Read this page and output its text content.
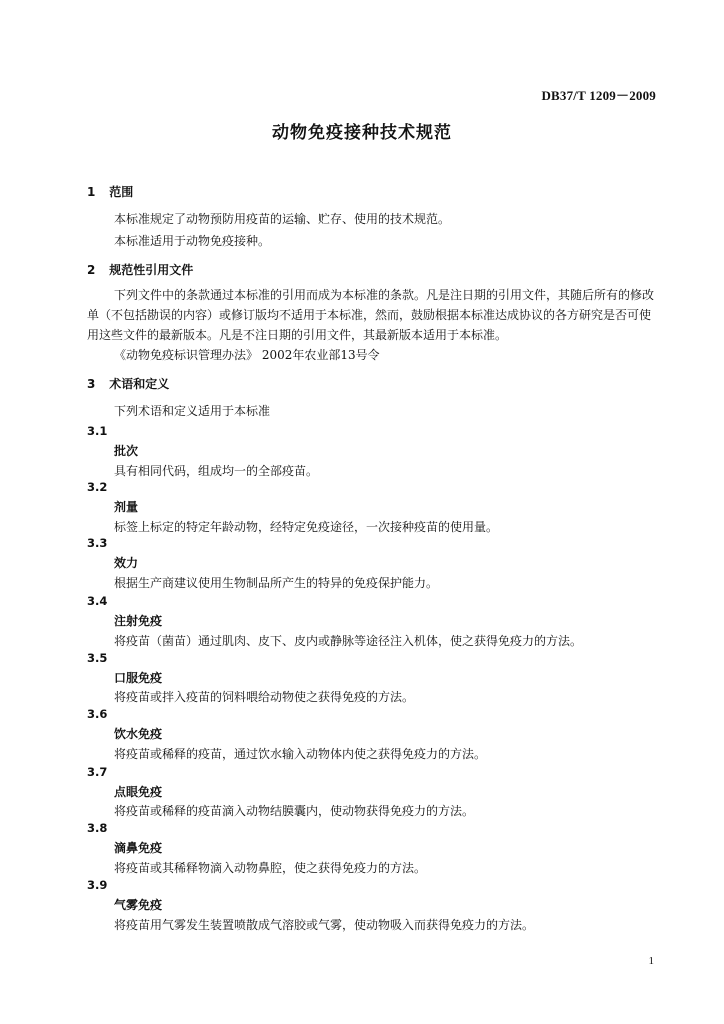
DB37/T 1209－2009
动物免疫接种技术规范
1 范围
本标准规定了动物预防用疫苗的运输、贮存、使用的技术规范。
本标准适用于动物免疫接种。
2 规范性引用文件
下列文件中的条款通过本标准的引用而成为本标准的条款。凡是注日期的引用文件，其随后所有的修改单（不包括勘误的内容）或修订版均不适用于本标准，然而，鼓励根据本标准达成协议的各方研究是否可使用这些文件的最新版本。凡是不注日期的引用文件，其最新版本适用于本标准。
《动物免疫标识管理办法》 2002年农业部13号令
3 术语和定义
下列术语和定义适用于本标准
3.1
批次
具有相同代码，组成均一的全部疫苗。
3.2
剂量
标签上标定的特定年龄动物，经特定免疫途径，一次接种疫苗的使用量。
3.3
效力
根据生产商建议使用生物制品所产生的特异的免疫保护能力。
3.4
注射免疫
将疫苗（菌苗）通过肌肉、皮下、皮内或静脉等途径注入机体，使之获得免疫力的方法。
3.5
口服免疫
将疫苗或拌入疫苗的饲料喂给动物使之获得免疫的方法。
3.6
饮水免疫
将疫苗或稀释的疫苗，通过饮水输入动物体内使之获得免疫力的方法。
3.7
点眼免疫
将疫苗或稀释的疫苗滴入动物结膜囊内，使动物获得免疫力的方法。
3.8
滴鼻免疫
将疫苗或其稀释物滴入动物鼻腔，使之获得免疫力的方法。
3.9
气雾免疫
将疫苗用气雾发生装置喷散成气溶胶或气雾，使动物吸入而获得免疫力的方法。
1
